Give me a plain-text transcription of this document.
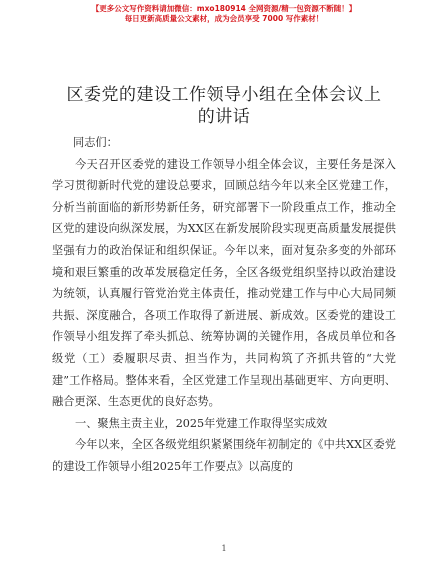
【更多公文写作资料请加微信：mxo180914 全网资源/精一包资源不断随！】
每日更新高质量公文素材，成为会员享受 7000 写作素材！
区委党的建设工作领导小组在全体会议上的讲话

同志们：

今天召开区委党的建设工作领导小组全体会议，主要任务是深入学习贯彻新时代党的建设总要求，回顾总结今年以来全区党建工作，分析当前面临的新形势新任务，研究部署下一阶段重点工作，推动全区党的建设向纵深发展，为XX区在新发展阶段实现更高质量发展提供坚强有力的政治保证和组织保证。今年以来，面对复杂多变的外部环境和艰巨繁重的改革发展稳定任务，全区各级党组织坚持以政治建设为统领，认真履行管党治党主体责任，推动党建工作与中心大局同频共振、深度融合，各项工作取得了新进展、新成效。区委党的建设工作领导小组发挥了牵头抓总、统筹协调的关键作用，各成员单位和各级党（工）委履职尽责、担当作为，共同构筑了齐抓共管的“大党建”工作格局。整体来看，全区党建工作呈现出基础更牢、方向更明、融合更深、生态更优的良好态势。

一、聚焦主责主业，2025年党建工作取得坚实成效

今年以来，全区各级党组织紧紧围绕年初制定的《中共XX区委党的建设工作领导小组2025年工作要点》以高度的

1
